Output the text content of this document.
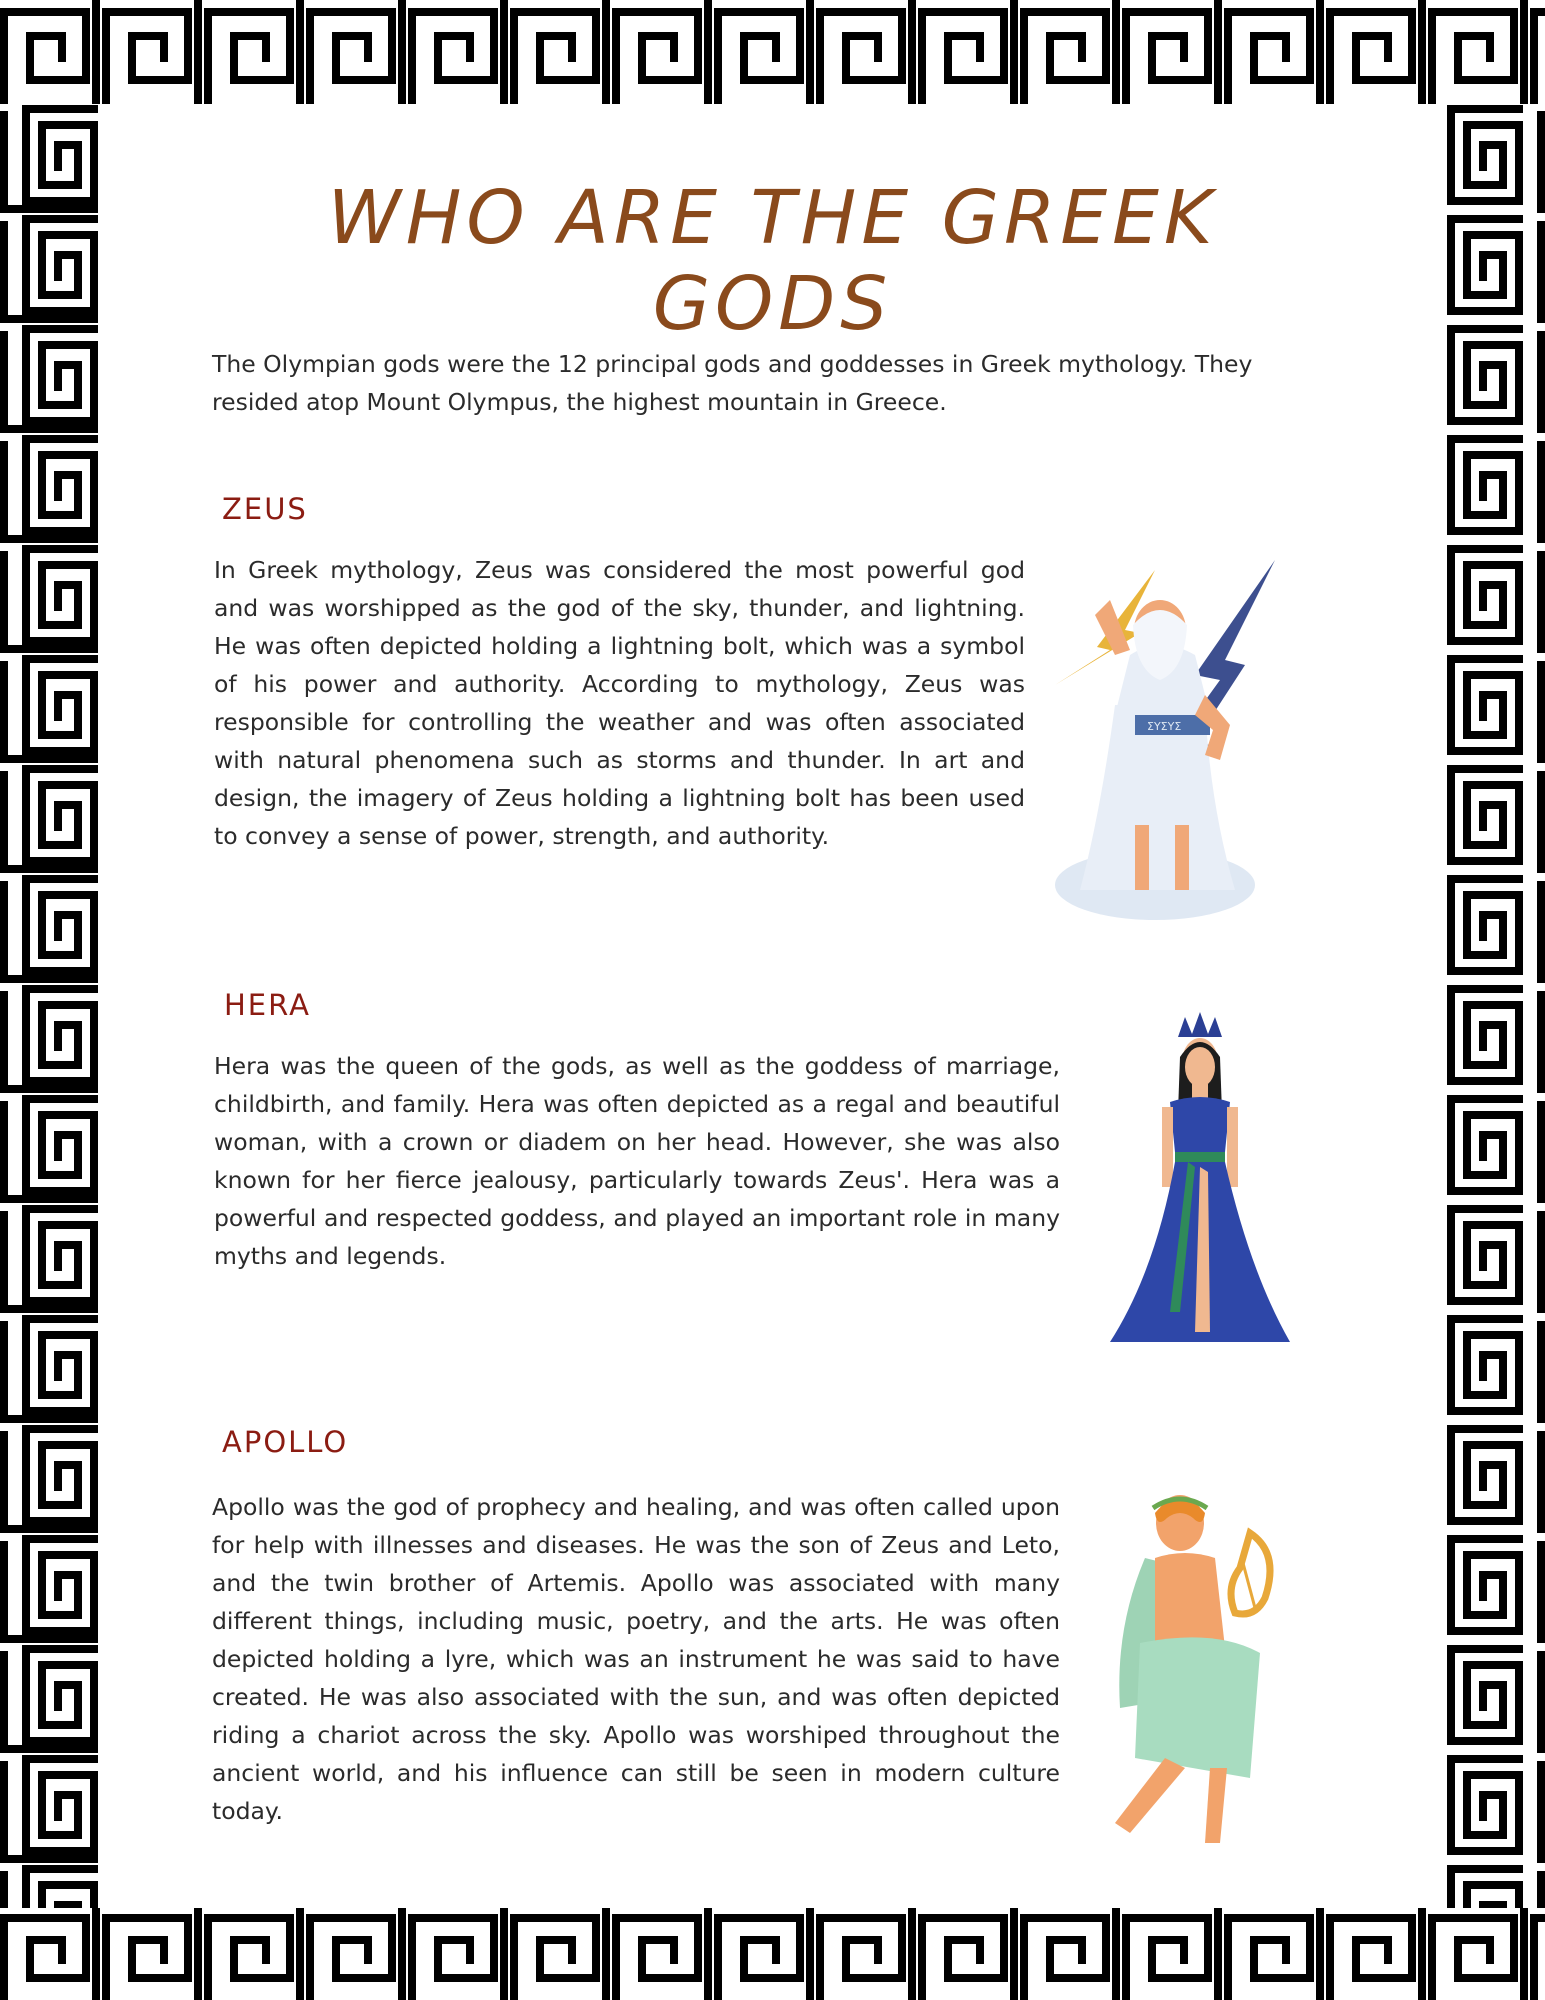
WHO ARE THE GREEK GODS

The Olympian gods were the 12 principal gods and goddesses in Greek mythology. They resided atop Mount Olympus, the highest mountain in Greece.

ZEUS

In Greek mythology, Zeus was considered the most powerful god and was worshipped as the god of the sky, thunder, and lightning. He was often depicted holding a lightning bolt, which was a symbol of his power and authority. According to mythology, Zeus was responsible for controlling the weather and was often associated with natural phenomena such as storms and thunder. In art and design, the imagery of Zeus holding a lightning bolt has been used to convey a sense of power, strength, and authority.

ΣΥΣΥΣ
HERA

Hera was the queen of the gods, as well as the goddess of marriage, childbirth, and family. Hera was often depicted as a regal and beautiful woman, with a crown or diadem on her head. However, she was also known for her fierce jealousy, particularly towards Zeus'. Hera was a powerful and respected goddess, and played an important role in many myths and legends.

APOLLO

Apollo was the god of prophecy and healing, and was often called upon for help with illnesses and diseases. He was the son of Zeus and Leto, and the twin brother of Artemis. Apollo was associated with many different things, including music, poetry, and the arts. He was often depicted holding a lyre, which was an instrument he was said to have created. He was also associated with the sun, and was often depicted riding a chariot across the sky. Apollo was worshiped throughout the ancient world, and his influence can still be seen in modern culture today.
